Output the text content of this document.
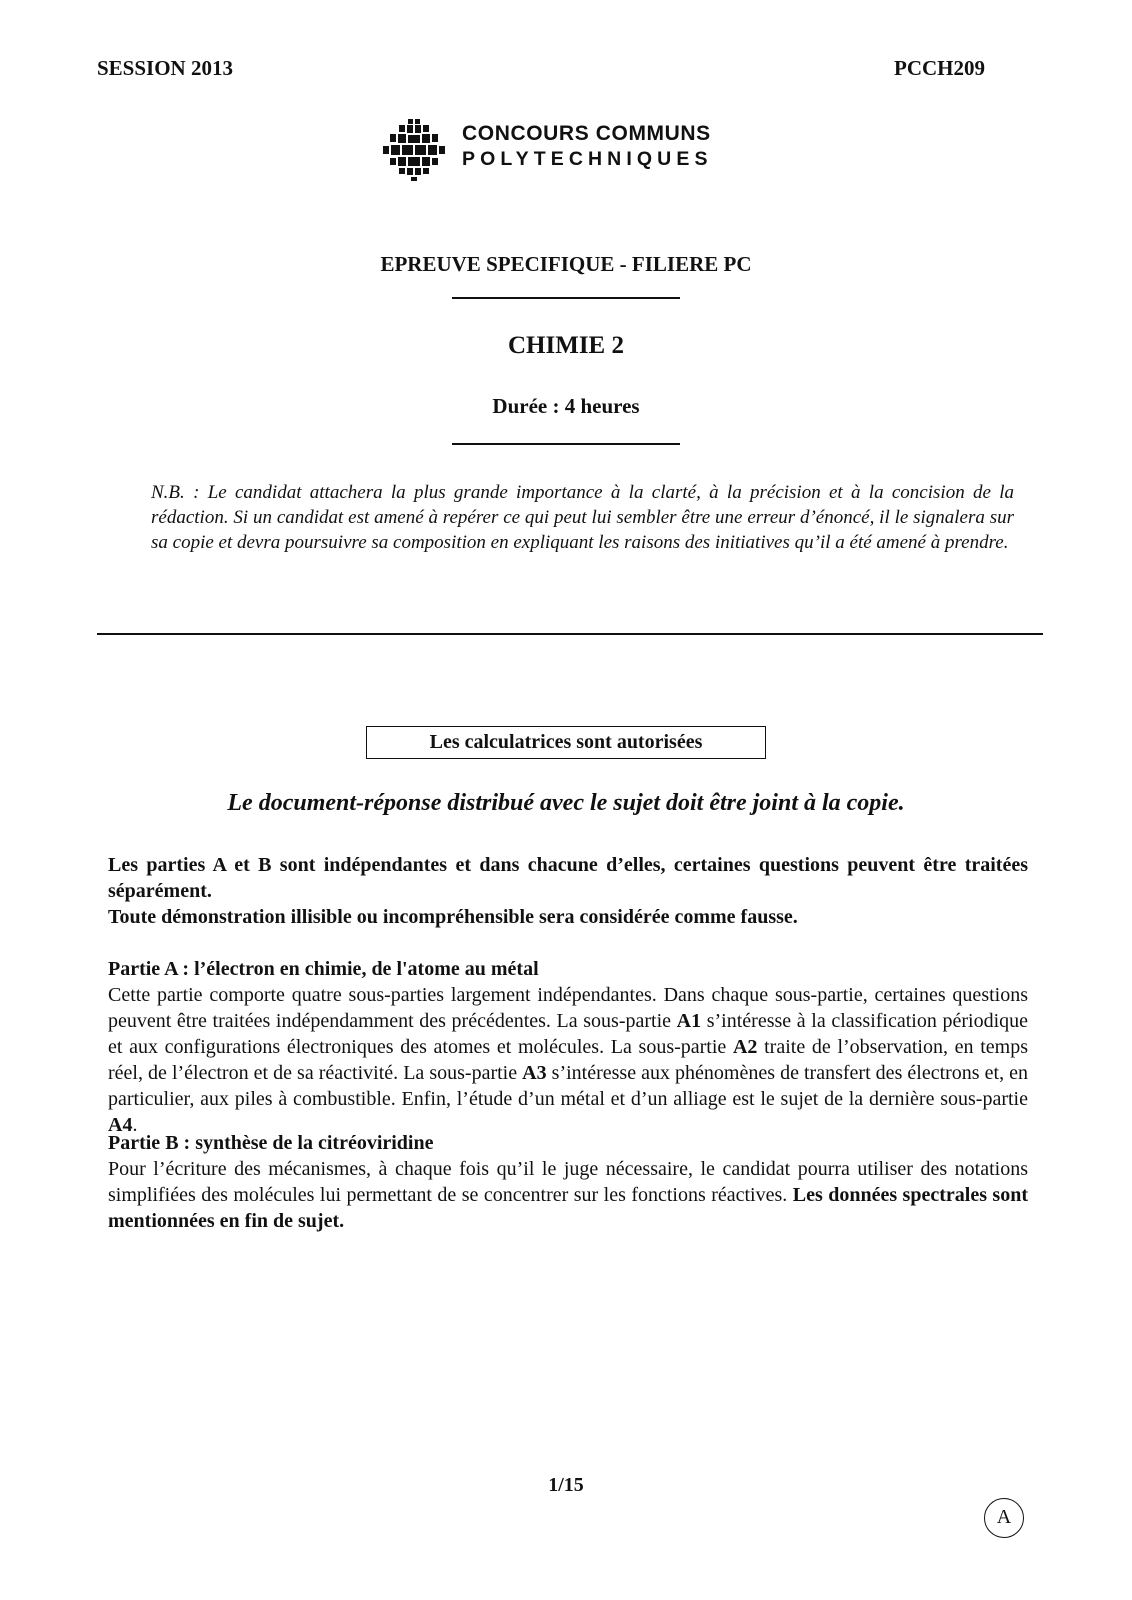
SESSION 2013	PCCH209
CONCOURS COMMUNS
POLYTECHNIQUES
EPREUVE SPECIFIQUE - FILIERE PC
CHIMIE 2
Durée : 4 heures
N.B. : Le candidat attachera la plus grande importance à la clarté, à la précision et à la concision de la rédaction. Si un candidat est amené à repérer ce qui peut lui sembler être une erreur d’énoncé, il le signalera sur sa copie et devra poursuivre sa composition en expliquant les raisons des initiatives qu’il a été amené à prendre.
Les calculatrices sont autorisées
Le document-réponse distribué avec le sujet doit être joint à la copie.

Les parties A et B sont indépendantes et dans chacune d’elles, certaines questions peuvent être traitées séparément.

Toute démonstration illisible ou incompréhensible sera considérée comme fausse.

Partie A : l’électron en chimie, de l'atome au métal

Cette partie comporte quatre sous-parties largement indépendantes. Dans chaque sous-partie, certaines questions peuvent être traitées indépendamment des précédentes. La sous-partie A1 s’intéresse à la classification périodique et aux configurations électroniques des atomes et molécules. La sous-partie A2 traite de l’observation, en temps réel, de l’électron et de sa réactivité. La sous-partie A3 s’intéresse aux phénomènes de transfert des électrons et, en particulier, aux piles à combustible. Enfin, l’étude d’un métal et d’un alliage est le sujet de la dernière sous-partie A4.

Partie B : synthèse de la citréoviridine

Pour l’écriture des mécanismes, à chaque fois qu’il le juge nécessaire, le candidat pourra utiliser des notations simplifiées des molécules lui permettant de se concentrer sur les fonctions réactives. Les données spectrales sont mentionnées en fin de sujet.

1/15
A
